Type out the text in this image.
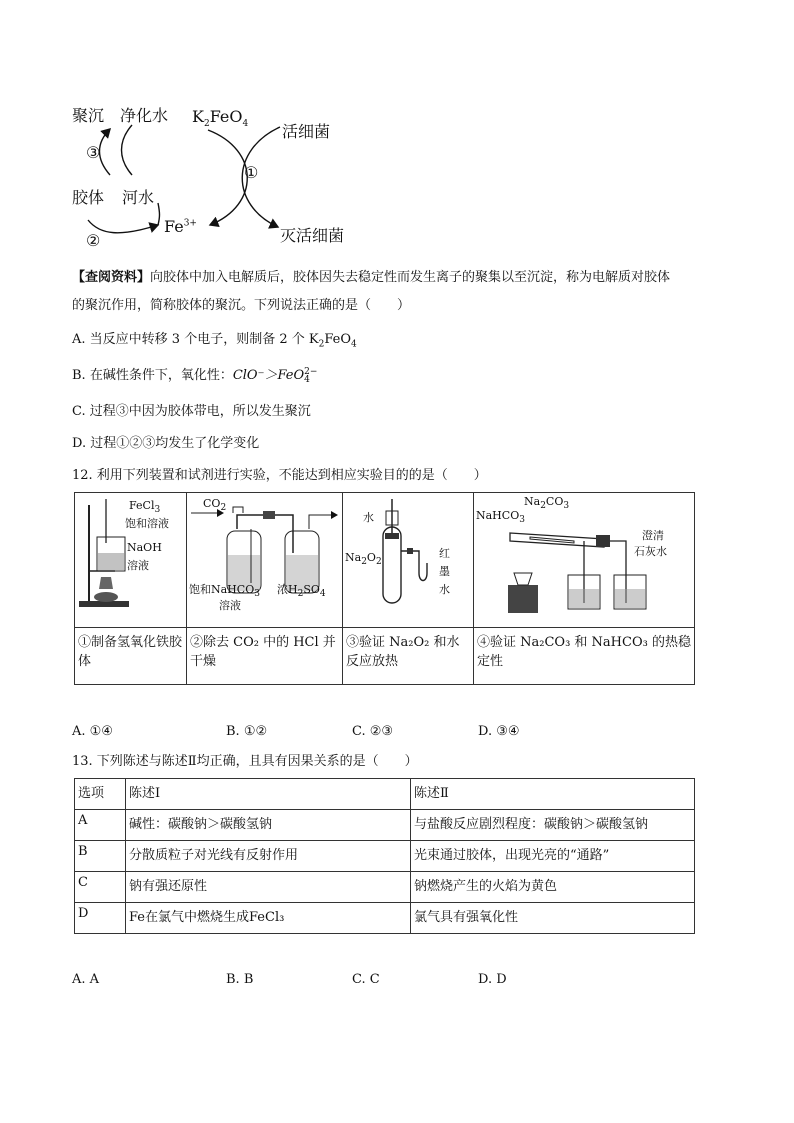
聚沉 净化水
③
胶体 河水
②
$Fe^{3+}$
$K_2FeO_4$
①
活细菌
灭活细菌
【查阅资料】向胶体中加入电解质后，胶体因失去稳定性而发生离子的聚集以至沉淀，称为电解质对胶体
的聚沉作用，简称胶体的聚沉。下列说法正确的是（　　）
A. 当反应中转移 3 个电子，则制备 2 个 $K_2FeO_4$
B. 在碱性条件下，氧化性：ClO⁻＞FeO 2−
4
C. 过程③中因为胶体带电，所以发生聚沉
D. 过程①②③均发生了化学变化
12. 利用下列装置和试剂进行实验，不能达到相应实验目的的是（　　）
FeCl$_3$
饱和溶液
NaOH
溶液	$CO_2$
饱和NaHCO$_3$
溶液
浓$H_2SO_4$	水
$Na_2O_2$
红
墨
水	NaHCO$_3$
$Na_2CO_3$
澄清
石灰水

①制备氢氧化铁胶体	②除去 CO₂ 中的 HCl 并干燥	③验证 Na₂O₂ 和水反应放热	④验证 Na₂CO₃ 和 NaHCO₃ 的热稳定性
A. ①④	B. ①②	C. ②③	D. ③④
13. 下列陈述与陈述Ⅱ均正确，且具有因果关系的是（　　）
选项	陈述Ⅰ	陈述Ⅱ
A	碱性：碳酸钠＞碳酸氢钠	与盐酸反应剧烈程度：碳酸钠＞碳酸氢钠
B	分散质粒子对光线有反射作用	光束通过胶体，出现光亮的“通路”
C	钠有强还原性	钠燃烧产生的火焰为黄色
D	Fe在氯气中燃烧生成FeCl₃	氯气具有强氧化性
A. A	B. B	C. C	D. D
